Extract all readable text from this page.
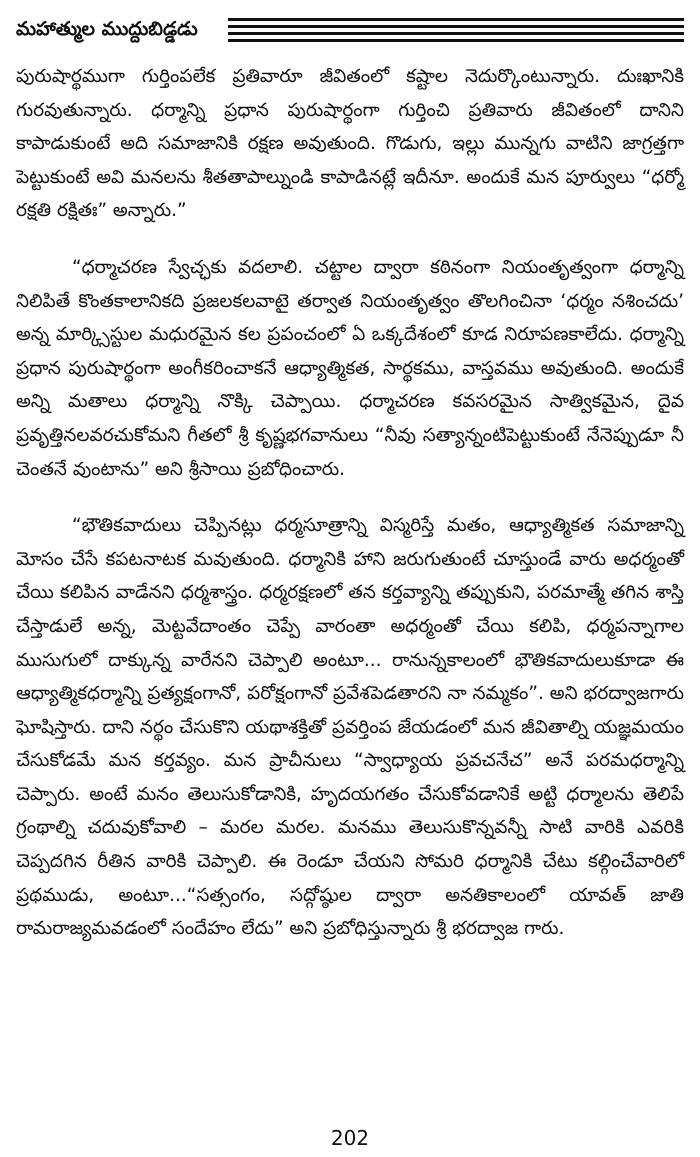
మహాత్ముల ముద్దుబిడ్డడు

పురుషార్థముగా గుర్తింపలేక ప్రతివారూ జీవితంలో కష్టాల నెదుర్కొంటున్నారు. దుఃఖానికి గురవుతున్నారు. ధర్మాన్ని ప్రధాన పురుషార్థంగా గుర్తించి ప్రతివారు జీవితంలో దానిని కాపాడుకుంటే అది సమాజానికి రక్షణ అవుతుంది. గొడుగు, ఇల్లు మున్నగు వాటిని జాగ్రత్తగా పెట్టుకుంటే అవి మనలను శీతతాపాల్నుండి కాపాడినట్లే ఇదీనూ. అందుకే మన పూర్వులు “ధర్మో రక్షతి రక్షితః” అన్నారు.”

“ధర్మాచరణ స్వేచ్ఛకు వదలాలి. చట్టాల ద్వారా కఠినంగా నియంతృత్వంగా ధర్మాన్ని నిలిపితే కొంతకాలానికది ప్రజలకలవాటై తర్వాత నియంతృత్వం తొలగించినా ‘ధర్మం నశించదు’ అన్న మార్క్సిస్టుల మధురమైన కల ప్రపంచంలో ఏ ఒక్కదేశంలో కూడ నిరూపణకాలేదు. ధర్మాన్ని ప్రధాన పురుషార్థంగా అంగీకరించాకనే ఆధ్యాత్మికత, సార్థకము, వాస్తవము అవుతుంది. అందుకే అన్ని మతాలు ధర్మాన్ని నొక్కి చెప్పాయి. ధర్మాచరణ కవసరమైన సాత్వికమైన, దైవ ప్రవృత్తినలవరచుకోమని గీతలో శ్రీ కృష్ణభగవానులు “నీవు సత్యాన్నంటిపెట్టుకుంటే నేనెప్పుడూ నీ చెంతనే వుంటాను” అని శ్రీసాయి ప్రబోధించారు.

“భౌతికవాదులు చెప్పినట్లు ధర్మసూత్రాన్ని విస్మరిస్తే మతం, ఆధ్యాత్మికత సమాజాన్ని మోసం చేసే కపటనాటక మవుతుంది. ధర్మానికి హాని జరుగుతుంటే చూస్తుండే వారు అధర్మంతో చేయి కలిపిన వాడేనని ధర్మశాస్త్రం. ధర్మరక్షణలో తన కర్తవ్యాన్ని తప్పుకుని, పరమాత్మే తగిన శాస్తి చేస్తాడులే అన్న, మెట్టవేదాంతం చెప్పే వారంతా అధర్మంతో చేయి కలిపి, ధర్మపన్నాగాల ముసుగులో దాక్కున్న వారేనని చెప్పాలి అంటూ... రానున్నకాలంలో భౌతికవాదులుకూడా ఈ ఆధ్యాత్మికధర్మాన్ని ప్రత్యక్షంగానో, పరోక్షంగానో ప్రవేశపెడతారని నా నమ్మకం”. అని భరద్వాజగారు ఘోషిస్తారు. దాని నర్థం చేసుకొని యథాశక్తితో ప్రవర్తింప జేయడంలో మన జీవితాల్ని యజ్ఞమయం చేసుకోడమే మన కర్తవ్యం. మన ప్రాచీనులు “స్వాధ్యాయ ప్రవచనేచ” అనే పరమధర్మాన్ని చెప్పారు. అంటే మనం తెలుసుకోడానికి, హృదయగతం చేసుకోవడానికే అట్టి ధర్మాలను తెలిపే గ్రంథాల్ని చదువుకోవాలి – మరల మరల. మనము తెలుసుకొన్నవన్నీ సాటి వారికి ఎవరికి చెప్పదగిన రీతిన వారికి చెప్పాలి. ఈ రెండూ చేయని సోమరి ధర్మానికి చేటు కల్గించేవారిలో ప్రథముడు, అంటూ...“సత్సంగం, సద్గోష్ఠుల ద్వారా అనతికాలంలో యావత్ జాతి రామరాజ్యమవడంలో సందేహం లేదు” అని ప్రబోధిస్తున్నారు శ్రీ భరద్వాజ గారు.

202
